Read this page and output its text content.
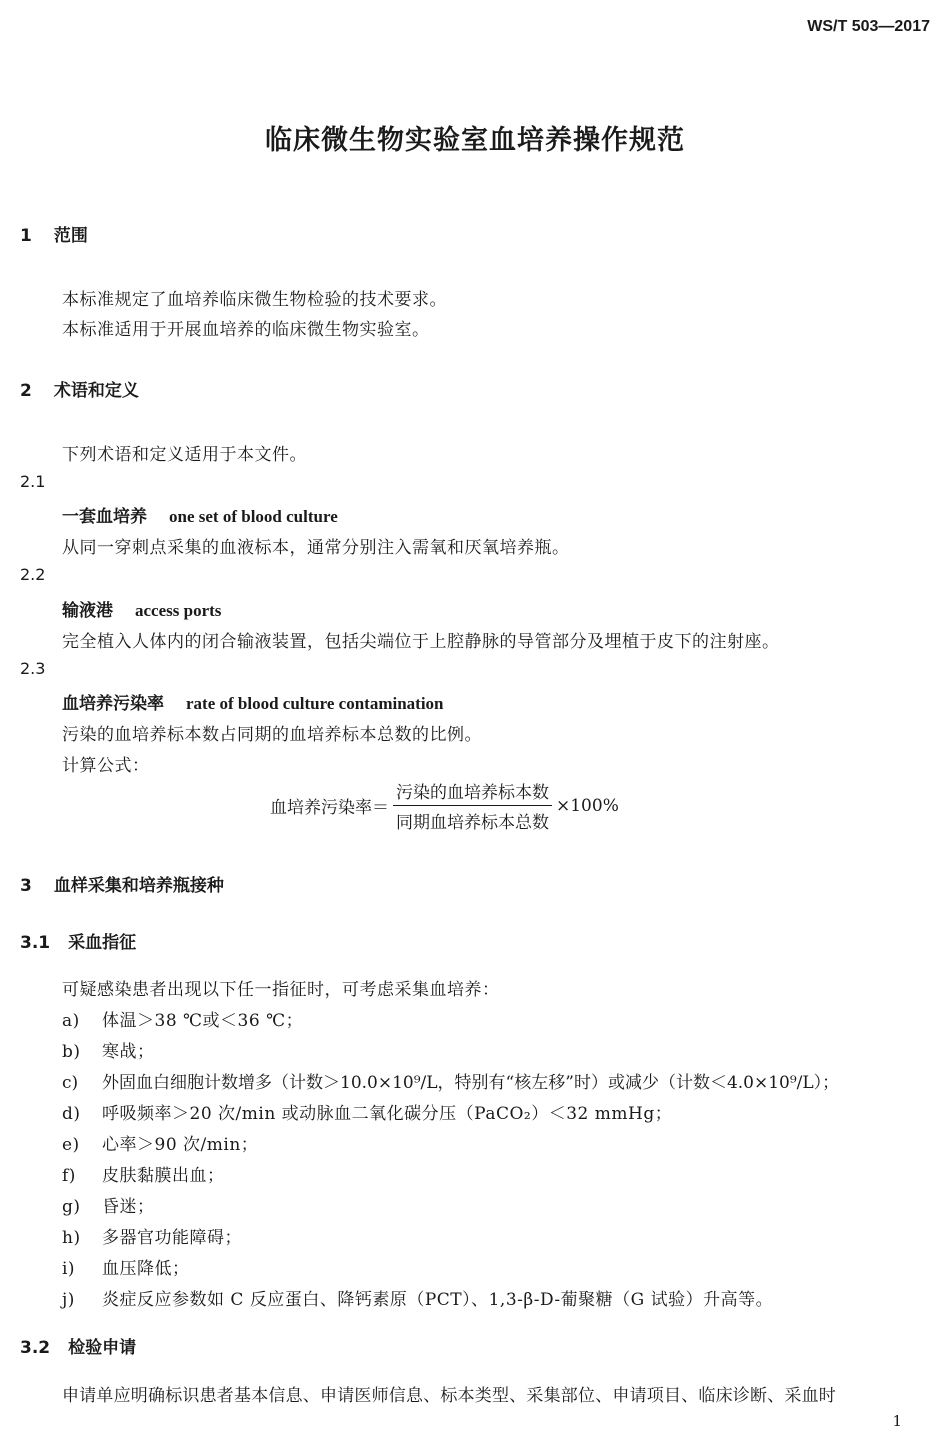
WS/T 503—2017
临床微生物实验室血培养操作规范
1 范围
本标准规定了血培养临床微生物检验的技术要求。
本标准适用于开展血培养的临床微生物实验室。
2 术语和定义
下列术语和定义适用于本文件。
2.1
一套血培养 one set of blood culture
从同一穿刺点采集的血液标本，通常分别注入需氧和厌氧培养瓶。
2.2
输液港 access ports
完全植入人体内的闭合输液装置，包括尖端位于上腔静脉的导管部分及埋植于皮下的注射座。
2.3
血培养污染率 rate of blood culture contamination
污染的血培养标本数占同期的血培养标本总数的比例。
计算公式：
血培养污染率＝ $\frac{\text{污染的血培养标本数}}{\text{同期血培养标本总数}} \times 100\%$
3 血样采集和培养瓶接种
3.1 采血指征
可疑感染患者出现以下任一指征时，可考虑采集血培养：
a) 体温＞38 ℃或＜36 ℃；
b) 寒战；
c) 外固血白细胞计数增多（计数＞10.0×10⁹/L，特别有“核左移”时）或减少（计数＜4.0×10⁹/L）；
d) 呼吸频率＞20 次/min 或动脉血二氧化碳分压（PaCO₂）＜32 mmHg；
e) 心率＞90 次/min；
f) 皮肤黏膜出血；
g) 昏迷；
h) 多器官功能障碍；
i) 血压降低；
j) 炎症反应参数如 C 反应蛋白、降钙素原（PCT）、1,3-β-D-葡聚糖（G 试验）升高等。
3.2 检验申请
申请单应明确标识患者基本信息、申请医师信息、标本类型、采集部位、申请项目、临床诊断、采血时
1
